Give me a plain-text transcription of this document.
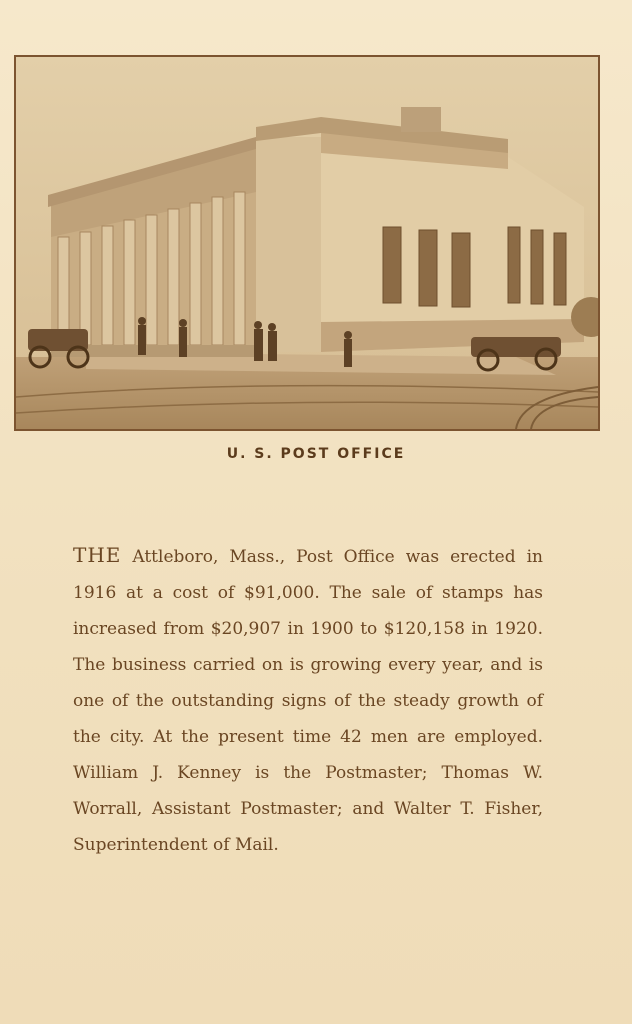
U. S. POST OFFICE

THE Attleboro, Mass., Post Office was erected in 1916 at a cost of $91,000. The sale of stamps has increased from $20,907 in 1900 to $120,158 in 1920. The business carried on is growing every year, and is one of the outstanding signs of the steady growth of the city. At the present time 42 men are employed. William J. Kenney is the Postmaster; Thomas W. Worrall, Assistant Postmaster; and Walter T. Fisher, Superintendent of Mail.
